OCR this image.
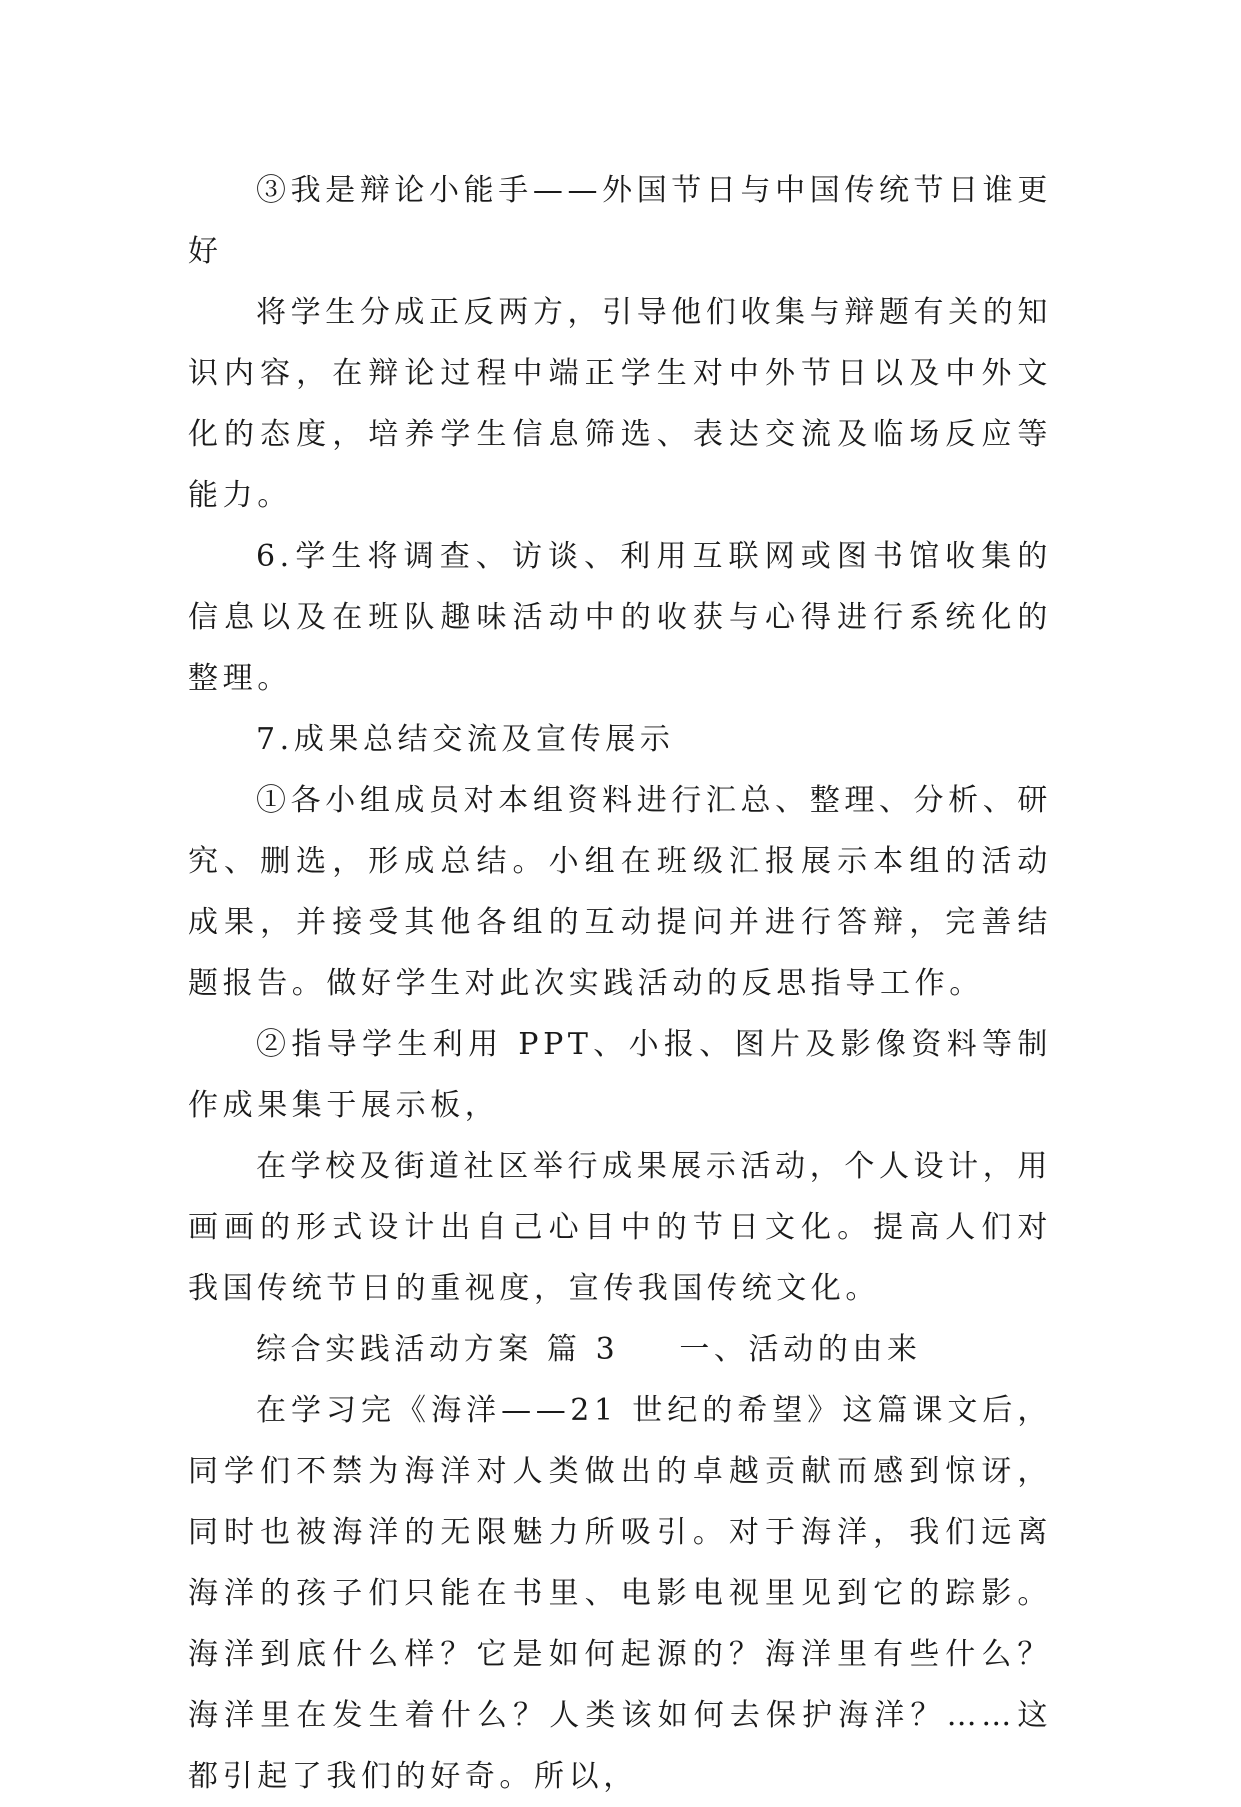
③我是辩论小能手——外国节日与中国传统节日谁更好

将学生分成正反两方，引导他们收集与辩题有关的知识内容，在辩论过程中端正学生对中外节日以及中外文化的态度，培养学生信息筛选、表达交流及临场反应等能力。

6.学生将调查、访谈、利用互联网或图书馆收集的信息以及在班队趣味活动中的收获与心得进行系统化的整理。

7.成果总结交流及宣传展示

①各小组成员对本组资料进行汇总、整理、分析、研究、删选，形成总结。小组在班级汇报展示本组的活动成果，并接受其他各组的互动提问并进行答辩，完善结题报告。做好学生对此次实践活动的反思指导工作。

②指导学生利用 PPT、小报、图片及影像资料等制作成果集于展示板，

在学校及街道社区举行成果展示活动，个人设计，用画画的形式设计出自己心目中的节日文化。提高人们对我国传统节日的重视度，宣传我国传统文化。

综合实践活动方案 篇 3 一、活动的由来

在学习完《海洋——21 世纪的希望》这篇课文后，同学们不禁为海洋对人类做出的卓越贡献而感到惊讶，同时也被海洋的无限魅力所吸引。对于海洋，我们远离海洋的孩子们只能在书里、电影电视里见到它的踪影。海洋到底什么样？它是如何起源的？海洋里有些什么？海洋里在发生着什么？人类该如何去保护海洋？……这都引起了我们的好奇。所以，
